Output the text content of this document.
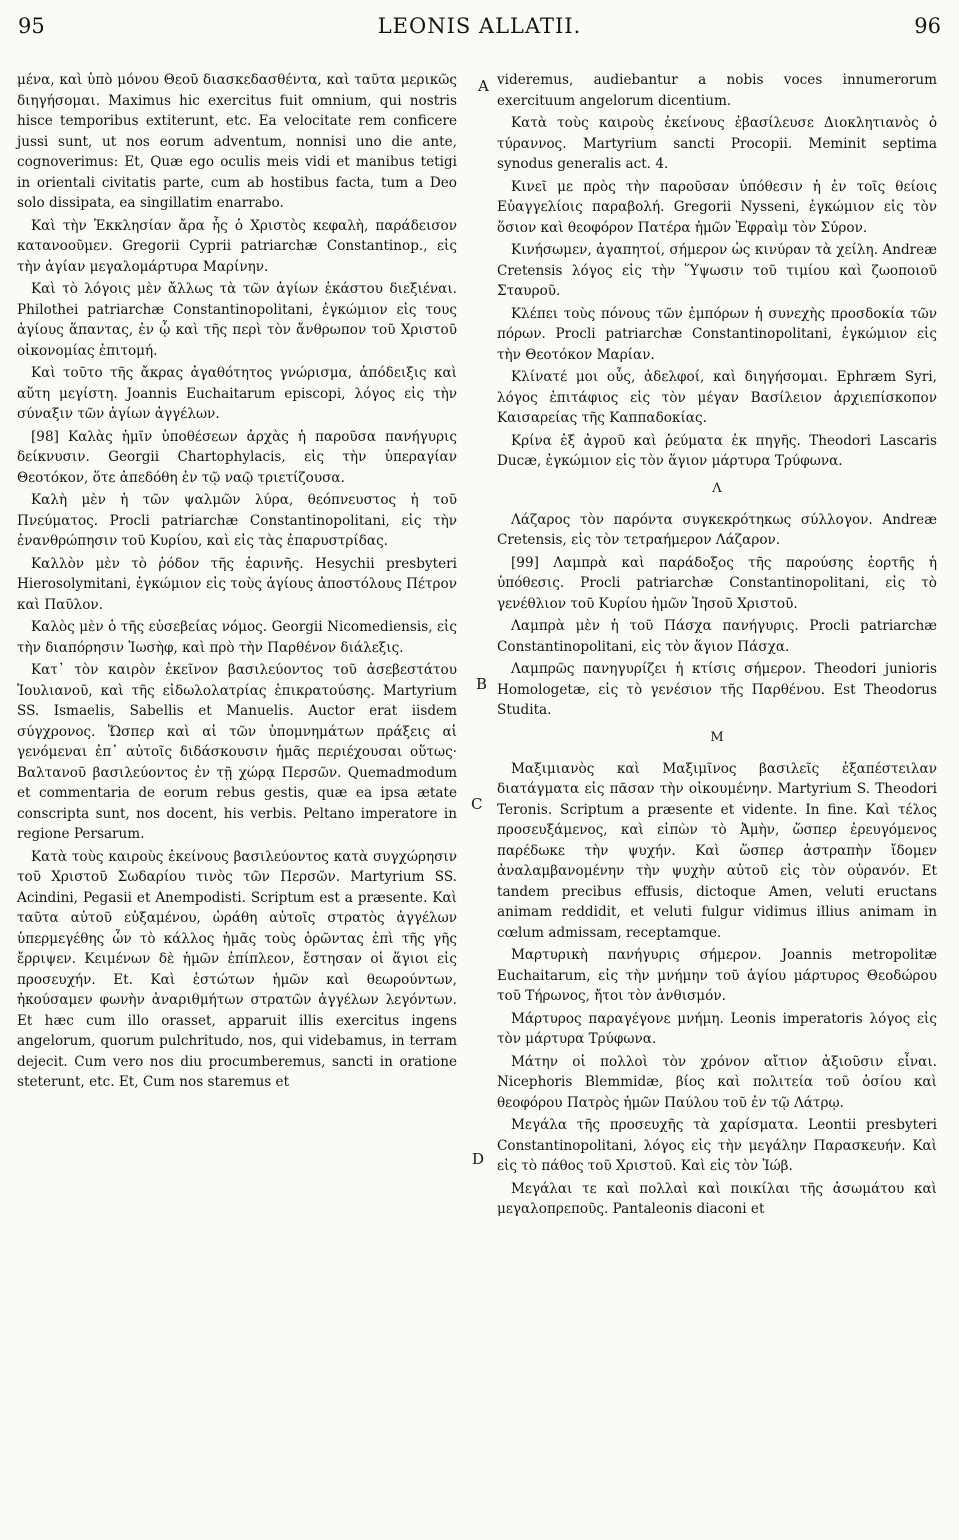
95	LEONIS ALLATII.	96
A
B
C
D

μένα, καὶ ὑπὸ μόνου Θεοῦ διασκεδασθέντα, καὶ ταῦτα μερικῶς διηγήσομαι. Maximus hic exercitus fuit omnium, qui nostris hisce temporibus extiterunt, etc. Ea velocitate rem conficere jussi sunt, ut nos eorum adventum, nonnisi uno die ante, cognoverimus: Et, Quæ ego oculis meis vidi et manibus tetigi in orientali civitatis parte, cum ab hostibus facta, tum a Deo solo dissipata, ea singillatim enarrabo.

Καὶ τὴν Ἐκκλησίαν ἄρα ἧς ὁ Χριστὸς κεφαλὴ, παράδεισον κατανοοῦμεν. Gregorii Cyprii patriarchæ Constantinop., εἰς τὴν ἁγίαν μεγαλομάρτυρα Μαρίνην.

Καὶ τὸ λόγοις μὲν ἄλλως τὰ τῶν ἁγίων ἑκάστου διεξιέναι. Philothei patriarchæ Constantinopolitani, ἐγκώμιον εἰς τους ἁγίους ἅπαντας, ἐν ᾧ καὶ τῆς περὶ τὸν ἄνθρωπον τοῦ Χριστοῦ οἰκονομίας ἐπιτομή.

Καὶ τοῦτο τῆς ἄκρας ἀγαθότητος γνώρισμα, ἀπόδειξις καὶ αὕτη μεγίστη. Joannis Euchaitarum episcopi, λόγος εἰς τὴν σύναξιν τῶν ἁγίων ἀγγέλων.

[98] Καλὰς ἡμῖν ὑποθέσεων ἀρχὰς ἡ παροῦσα πανήγυρις δείκνυσιν. Georgii Chartophylacis, εἰς τὴν ὑπεραγίαν Θεοτόκον, ὅτε ἀπεδόθη ἐν τῷ ναῷ τριετίζουσα.

Καλὴ μὲν ἡ τῶν ψαλμῶν λύρα, θεόπνευστος ἡ τοῦ Πνεύματος. Procli patriarchæ Constantinopolitani, εἰς τὴν ἐνανθρώπησιν τοῦ Κυρίου, καὶ εἰς τὰς ἐπαρυστρίδας.

Καλλὸν μὲν τὸ ῥόδον τῆς ἐαρινῆς. Hesychii presbyteri Hierosolymitani, ἐγκώμιον εἰς τοὺς ἁγίους ἀποστόλους Πέτρον καὶ Παῦλον.

Καλὸς μὲν ὁ τῆς εὐσεβείας νόμος. Georgii Nicomediensis, εἰς τὴν διαπόρησιν Ἰωσὴφ, καὶ πρὸ τὴν Παρθένον διάλεξις.

Κατ᾽ τὸν καιρὸν ἐκεῖνον βασιλεύοντος τοῦ ἀσεβεστάτου Ἰουλιανοῦ, καὶ τῆς εἰδωλολατρίας ἐπικρατούσης. Martyrium SS. Ismaelis, Sabellis et Manuelis. Auctor erat iisdem σύγχρονος. Ὥσπερ καὶ αἱ τῶν ὑπομνημάτων πράξεις αἱ γενόμεναι ἐπ᾽ αὐτοῖς διδάσκουσιν ἡμᾶς περιέχουσαι οὕτως· Βαλτανοῦ βασιλεύοντος ἐν τῇ χώρᾳ Περσῶν. Quemadmodum et commentaria de eorum rebus gestis, quæ ea ipsa ætate conscripta sunt, nos docent, his verbis. Peltano imperatore in regione Persarum.

Κατὰ τοὺς καιροὺς ἐκείνους βασιλεύοντος κατὰ συγχώρησιν τοῦ Χριστοῦ Σωδαρίου τινὸς τῶν Περσῶν. Martyrium SS. Acindini, Pegasii et Anempodisti. Scriptum est a præsente. Καὶ ταῦτα αὐτοῦ εὐξαμένου, ὡράθη αὐτοῖς στρατὸς ἀγγέλων ὑπερμεγέθης ὧν τὸ κάλλος ἡμᾶς τοὺς ὁρῶντας ἐπὶ τῆς γῆς ἔρριψεν. Κειμένων δὲ ἡμῶν ἐπίπλεον, ἔστησαν οἱ ἅγιοι εἰς προσευχήν. Et. Καὶ ἑστώτων ἡμῶν καὶ θεωρούντων, ἠκούσαμεν φωνὴν ἀναριθμήτων στρατῶν ἀγγέλων λεγόντων. Et hæc cum illo orasset, apparuit illis exercitus ingens angelorum, quorum pulchritudo, nos, qui videbamus, in terram dejecit. Cum vero nos diu procumberemus, sancti in oratione steterunt, etc. Et, Cum nos staremus et

videremus, audiebantur a nobis voces innumerorum exercituum angelorum dicentium.

Κατὰ τοὺς καιροὺς ἐκείνους ἐβασίλευσε Διοκλητιανὸς ὁ τύραννος. Martyrium sancti Procopii. Meminit septima synodus generalis act. 4.

Κινεῖ με πρὸς τὴν παροῦσαν ὑπόθεσιν ἡ ἐν τοῖς θείοις Εὐαγγελίοις παραβολή. Gregorii Nysseni, ἐγκώμιον εἰς τὸν ὅσιον καὶ θεοφόρον Πατέρα ἡμῶν Ἐφραὶμ τὸν Σύρον.

Κινήσωμεν, ἀγαπητοί, σήμερον ὡς κινύραν τὰ χείλη. Andreæ Cretensis λόγος εἰς τὴν Ὕψωσιν τοῦ τιμίου καὶ ζωοποιοῦ Σταυροῦ.

Κλέπει τοὺς πόνους τῶν ἐμπόρων ἡ συνεχὴς προσδοκία τῶν πόρων. Procli patriarchæ Constantinopolitani, ἐγκώμιον εἰς τὴν Θεοτόκον Μαρίαν.

Κλίνατέ μοι οὖς, ἀδελφοί, καὶ διηγήσομαι. Ephræm Syri, λόγος ἐπιτάφιος εἰς τὸν μέγαν Βασίλειον ἀρχιεπίσκοπον Καισαρείας τῆς Καππαδοκίας.

Κρίνα ἐξ ἀγροῦ καὶ ῥεύματα ἐκ πηγῆς. Theodori Lascaris Ducæ, ἐγκώμιον εἰς τὸν ἅγιον μάρτυρα Τρύφωνα.

Λ

Λάζαρος τὸν παρόντα συγκεκρότηκως σύλλογον. Andreæ Cretensis, εἰς τὸν τετραήμερον Λάζαρον.

[99] Λαμπρὰ καὶ παράδοξος τῆς παρούσης ἑορτῆς ἡ ὑπόθεσις. Procli patriarchæ Constantinopolitani, εἰς τὸ γενέθλιον τοῦ Κυρίου ἡμῶν Ἰησοῦ Χριστοῦ.

Λαμπρὰ μὲν ἡ τοῦ Πάσχα πανήγυρις. Procli patriarchæ Constantinopolitani, εἰς τὸν ἅγιον Πάσχα.

Λαμπρῶς πανηγυρίζει ἡ κτίσις σήμερον. Theodori junioris Homologetæ, εἰς τὸ γενέσιον τῆς Παρθένου. Est Theodorus Studita.

Μ

Μαξιμιανὸς καὶ Μαξιμῖνος βασιλεῖς ἐξαπέστειλαν διατάγματα εἰς πᾶσαν τὴν οἰκουμένην. Martyrium S. Theodori Teronis. Scriptum a præsente et vidente. In fine. Καὶ τέλος προσευξάμενος, καὶ εἰπὼν τὸ Ἀμὴν, ὥσπερ ἐρευγόμενος παρέδωκε τὴν ψυχήν. Καὶ ὥσπερ ἀστραπὴν ἴδομεν ἀναλαμβανομένην τὴν ψυχὴν αὐτοῦ εἰς τὸν οὐρανόν. Et tandem precibus effusis, dictoque Amen, veluti eructans animam reddidit, et veluti fulgur vidimus illius animam in cœlum admissam, receptamque.

Μαρτυρικὴ πανήγυρις σήμερον. Joannis metropolitæ Euchaitarum, εἰς τὴν μνήμην τοῦ ἁγίου μάρτυρος Θεοδώρου τοῦ Τήρωνος, ἤτοι τὸν ἀνθισμόν.

Μάρτυρος παραγέγονε μνήμη. Leonis imperatoris λόγος εἰς τὸν μάρτυρα Τρύφωνα.

Μάτην οἱ πολλοὶ τὸν χρόνον αἴτιον ἀξιοῦσιν εἶναι. Nicephoris Blemmidæ, βίος καὶ πολιτεία τοῦ ὁσίου καὶ θεοφόρου Πατρὸς ἡμῶν Παύλου τοῦ ἐν τῷ Λάτρῳ.

Μεγάλα τῆς προσευχῆς τὰ χαρίσματα. Leontii presbyteri Constantinopolitani, λόγος εἰς τὴν μεγάλην Παρασκευήν. Καὶ εἰς τὸ πάθος τοῦ Χριστοῦ. Καὶ εἰς τὸν Ἰώβ.

Μεγάλαι τε καὶ πολλαὶ καὶ ποικίλαι τῆς ἀσωμάτου καὶ μεγαλοπρεποῦς. Pantaleonis diaconi et
